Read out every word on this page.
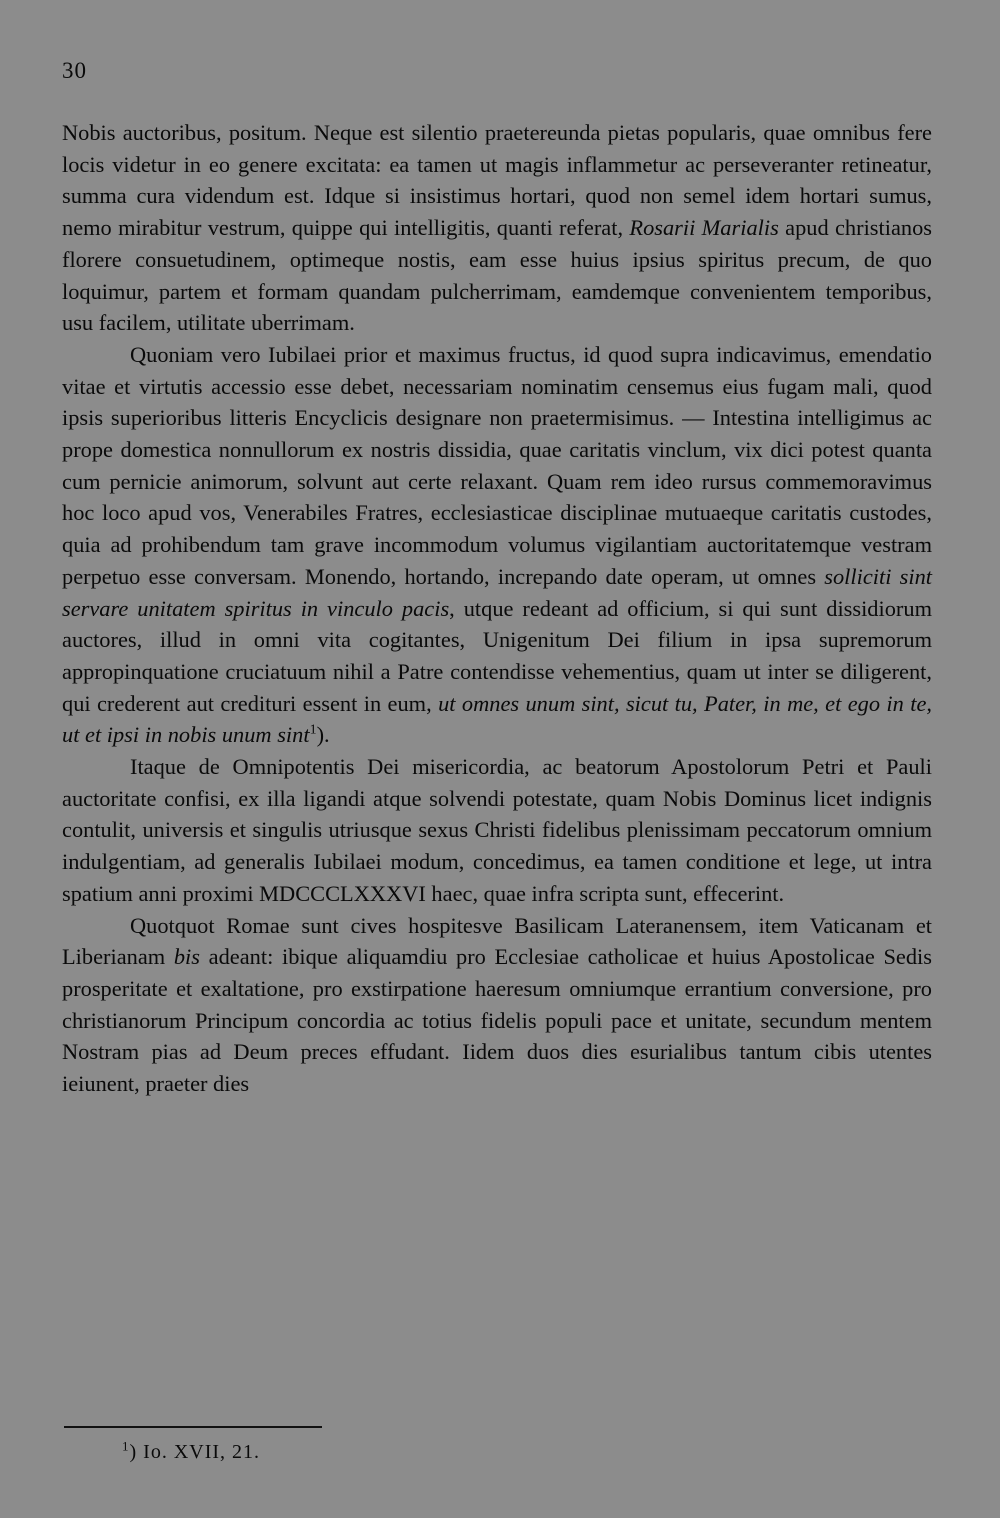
30

Nobis auctoribus, positum. Neque est silentio praetereunda pietas popularis, quae omnibus fere locis videtur in eo genere excitata: ea tamen ut magis inflammetur ac perseveranter retineatur, summa cura videndum est. Idque si insistimus hortari, quod non semel idem hortari sumus, nemo mirabitur vestrum, quippe qui intelligitis, quanti referat, Rosarii Marialis apud christianos florere consuetudinem, optimeque nostis, eam esse huius ipsius spiritus precum, de quo loquimur, partem et formam quandam pulcherrimam, eamdemque convenientem temporibus, usu facilem, utilitate uberrimam.

Quoniam vero Iubilaei prior et maximus fructus, id quod supra indicavimus, emendatio vitae et virtutis accessio esse debet, necessariam nominatim censemus eius fugam mali, quod ipsis superioribus litteris Encyclicis designare non praetermisimus. — Intestina intelligimus ac prope domestica nonnullorum ex nostris dissidia, quae caritatis vinclum, vix dici potest quanta cum pernicie animorum, solvunt aut certe relaxant. Quam rem ideo rursus commemoravimus hoc loco apud vos, Venerabiles Fratres, ecclesiasticae disciplinae mutuaeque caritatis custodes, quia ad prohibendum tam grave incommodum volumus vigilantiam auctoritatemque vestram perpetuo esse conversam. Monendo, hortando, increpando date operam, ut omnes solliciti sint servare unitatem spiritus in vinculo pacis, utque redeant ad officium, si qui sunt dissidiorum auctores, illud in omni vita cogitantes, Unigenitum Dei filium in ipsa supremorum appropinquatione cruciatuum nihil a Patre contendisse vehementius, quam ut inter se diligerent, qui crederent aut credituri essent in eum, ut omnes unum sint, sicut tu, Pater, in me, et ego in te, ut et ipsi in nobis unum sint$^1$).

Itaque de Omnipotentis Dei misericordia, ac beatorum Apostolorum Petri et Pauli auctoritate confisi, ex illa ligandi atque solvendi potestate, quam Nobis Dominus licet indignis contulit, universis et singulis utriusque sexus Christi fidelibus plenissimam peccatorum omnium indulgentiam, ad generalis Iubilaei modum, concedimus, ea tamen conditione et lege, ut intra spatium anni proximi MDCCCLXXXVI haec, quae infra scripta sunt, effecerint.

Quotquot Romae sunt cives hospitesve Basilicam Lateranensem, item Vaticanam et Liberianam bis adeant: ibique aliquamdiu pro Ecclesiae catholicae et huius Apostolicae Sedis prosperitate et exaltatione, pro exstirpatione haeresum omniumque errantium conversione, pro christianorum Principum concordia ac totius fidelis populi pace et unitate, secundum mentem Nostram pias ad Deum preces effudant. Iidem duos dies esurialibus tantum cibis utentes ieiunent, praeter dies

$^1$) Io. XVII, 21.
